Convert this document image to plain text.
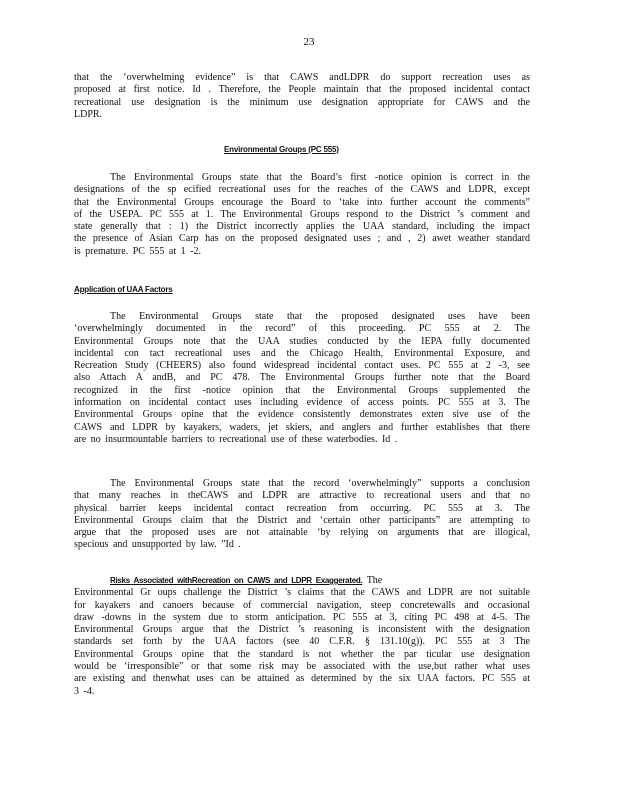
23
that the ‘overwhelming evidence” is that CAWS andLDPR do support recreation uses as
proposed at first notice. Id . Therefore, the People maintain that the proposed incidental contact
recreational use designation is the minimum use designation appropriate for CAWS and the
LDPR.
Environmental Groups (PC 555)
The Environmental Groups state that the Board’s first -notice opinion is correct in the
designations of the sp ecified recreational uses for the reaches of the CAWS and LDPR, except
that the Environmental Groups encourage the Board to ‘take into further account the comments”
of the USEPA. PC 555 at 1. The Environmental Groups respond to the District ’s comment and
state generally that : 1) the District incorrectly applies the UAA standard, including the impact
the presence of Asian Carp has on the proposed designated uses ; and , 2) awet weather standard
is premature. PC 555 at 1 -2.
Application of UAA Factors
The Environmental Groups state that the proposed designated uses have been
‘overwhelmingly documented in the record” of this proceeding. PC 555 at 2. The
Environmental Groups note that the UAA studies conducted by the IEPA fully documented
incidental con tact recreational uses and the Chicago Health, Environmental Exposure, and
Recreation Study (CHEERS) also found widespread incidental contact uses. PC 555 at 2 -3, see
also Attach A andB, and PC 478. The Environmental Groups further note that the Board
recognized in the first -notice opinion that the Environmental Groups supplemented the
information on incidental contact uses including evidence of access points. PC 555 at 3. The
Environmental Groups opine that the evidence consistently demonstrates exten sive use of the
CAWS and LDPR by kayakers, waders, jet skiers, and anglers and further establishes that there
are no insurmountable barriers to recreational use of these waterbodies. Id .
The Environmental Groups state that the record ‘overwhelmingly” supports a conclusion
that many reaches in theCAWS and LDPR are attractive to recreational users and that no
physical barrier keeps incidental contact recreation from occurring. PC 555 at 3. The
Environmental Groups claim that the District and ‘certain other participants” are attempting to
argue that the proposed uses are not attainable ‘by relying on arguments that are illogical,
specious and unsupported by law. ”Id .
Risks Associated withRecreation on CAWS and LDPR Exaggerated. The
Environmental Gr oups challenge the District ’s claims that the CAWS and LDPR are not suitable
for kayakers and canoers because of commercial navigation, steep concretewalls and occasional
draw -downs in the system due to storm anticipation. PC 555 at 3, citing PC 498 at 4-5. The
Environmental Groups argue that the District ’s reasoning is inconsistent with the designation
standards set forth by the UAA factors (see 40 C.F.R. § 131.10(g)). PC 555 at 3 The
Environmental Groups opine that the standard is not whether the par ticular use designation
would be ‘irresponsible” or that some risk may be associated with the use,but rather what uses
are existing and thenwhat uses can be attained as determined by the six UAA factors. PC 555 at
3 -4.
